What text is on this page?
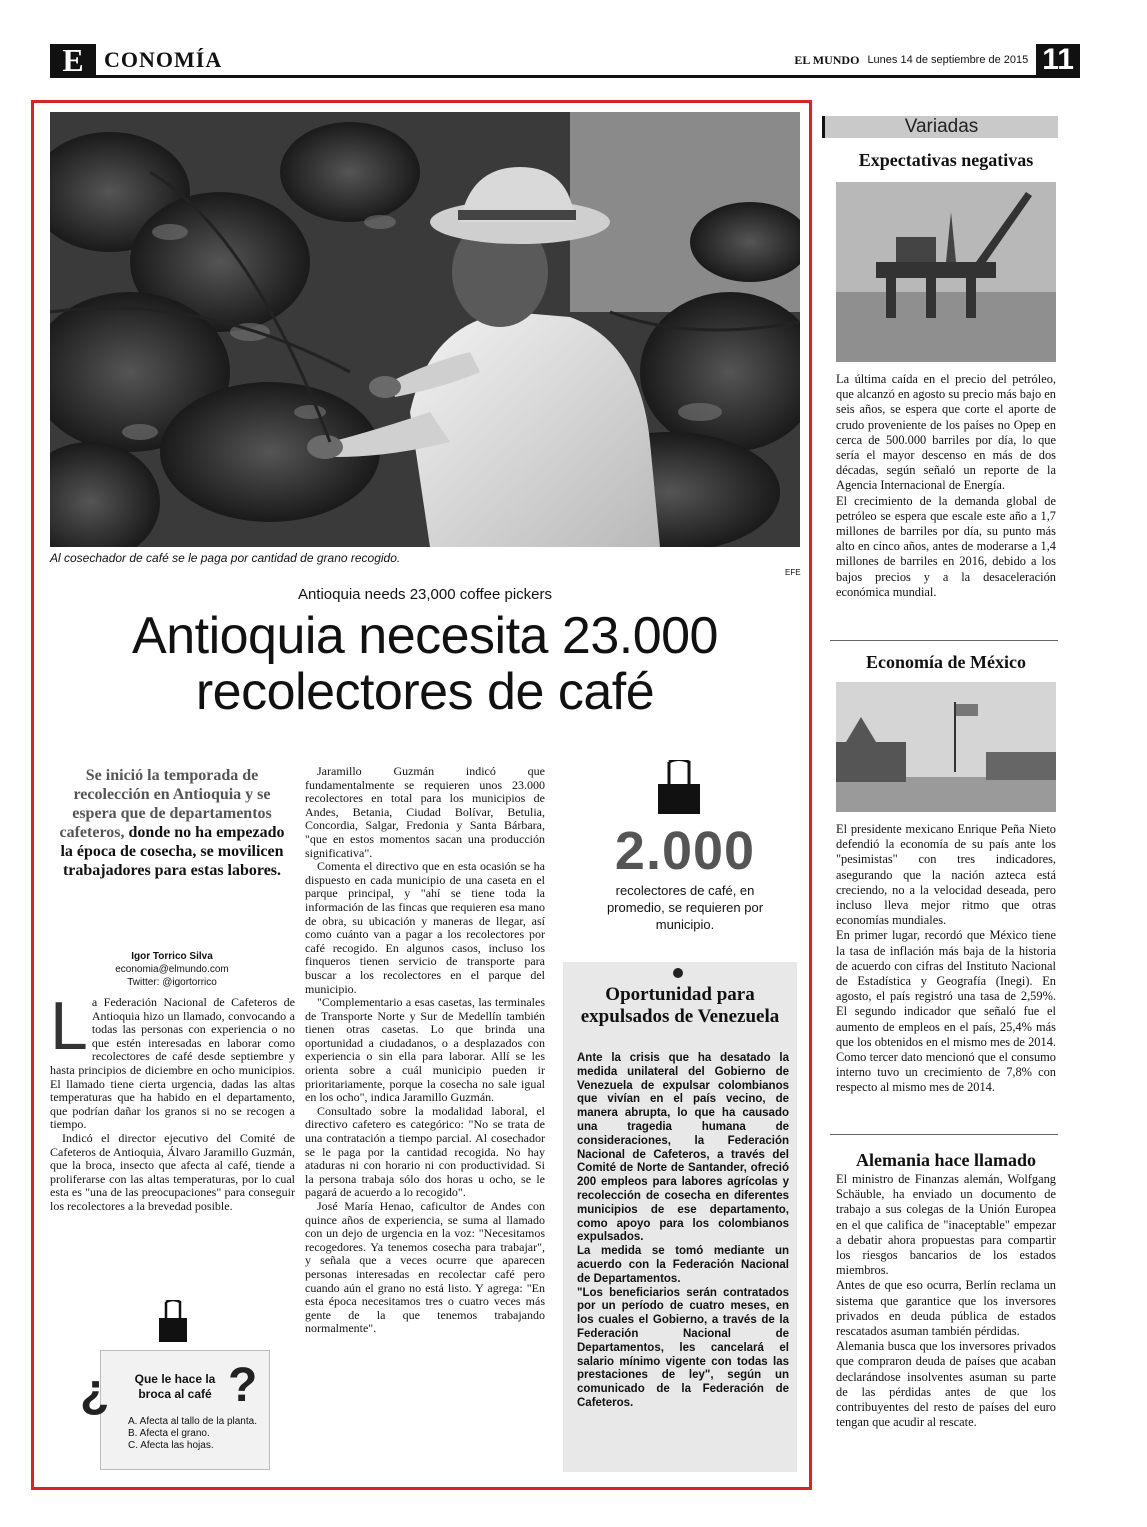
E CONOMÍA	EL MUNDO Lunes 14 de septiembre de 2015 11
Al cosechador de café se le paga por cantidad de grano recogido.
EFE
Antioquia needs 23,000 coffee pickers
Antioquia necesita 23.000
recolectores de café
Se inició la temporada de recolección en Antioquia y se espera que de departamentos cafeteros, donde no ha empezado la época de cosecha, se movilicen trabajadores para estas labores.
Igor Torrico Silva
economia@elmundo.com
Twitter: @igortorrico

La Federación Nacional de Cafeteros de Antioquia hizo un llamado, convocando a todas las personas con experiencia o no que estén interesadas en laborar como recolectores de café desde septiembre y hasta principios de diciembre en ocho municipios. El llamado tiene cierta urgencia, dadas las altas temperaturas que ha habido en el departamento, que podrían dañar los granos si no se recogen a tiempo.

Indicó el director ejecutivo del Comité de Cafeteros de Antioquia, Álvaro Jaramillo Guzmán, que la broca, insecto que afecta al café, tiende a proliferarse con las altas temperaturas, por lo cual esta es "una de las preocupaciones" para conseguir los recolectores a la brevedad posible.

Jaramillo Guzmán indicó que fundamentalmente se requieren unos 23.000 recolectores en total para los municipios de Andes, Betania, Ciudad Bolívar, Betulia, Concordia, Salgar, Fredonia y Santa Bárbara, "que en estos momentos sacan una producción significativa".

Comenta el directivo que en esta ocasión se ha dispuesto en cada municipio de una caseta en el parque principal, y "ahí se tiene toda la información de las fincas que requieren esa mano de obra, su ubicación y maneras de llegar, así como cuánto van a pagar a los recolectores por café recogido. En algunos casos, incluso los finqueros tienen servicio de transporte para buscar a los recolectores en el parque del municipio.

"Complementario a esas casetas, las terminales de Transporte Norte y Sur de Medellín también tienen otras casetas. Lo que brinda una oportunidad a ciudadanos, o a desplazados con experiencia o sin ella para laborar. Allí se les orienta sobre a cuál municipio pueden ir prioritariamente, porque la cosecha no sale igual en los ocho", indica Jaramillo Guzmán.

Consultado sobre la modalidad laboral, el directivo cafetero es categórico: "No se trata de una contratación a tiempo parcial. Al cosechador se le paga por la cantidad recogida. No hay ataduras ni con horario ni con productividad. Si la persona trabaja sólo dos horas u ocho, se le pagará de acuerdo a lo recogido".

José María Henao, caficultor de Andes con quince años de experiencia, se suma al llamado con un dejo de urgencia en la voz: "Necesitamos recogedores. Ya tenemos cosecha para trabajar", y señala que a veces ocurre que aparecen personas interesadas en recolectar café pero cuando aún el grano no está listo. Y agrega: "En esta época necesitamos tres o cuatro veces más gente de la que tenemos trabajando normalmente".

¿ ?
Que le hace la broca al café
A. Afecta al tallo de la planta.
B. Afecta el grano.
C. Afecta las hojas.
2.000
recolectores de café, en promedio, se requieren por municipio.
Oportunidad para expulsados de Venezuela

Ante la crisis que ha desatado la medida unilateral del Gobierno de Venezuela de expulsar colombianos que vivían en el país vecino, de manera abrupta, lo que ha causado una tragedia humana de consideraciones, la Federación Nacional de Cafeteros, a través del Comité de Norte de Santander, ofreció 200 empleos para labores agrícolas y recolección de cosecha en diferentes municipios de ese departamento, como apoyo para los colombianos expulsados.

La medida se tomó mediante un acuerdo con la Federación Nacional de Departamentos.

"Los beneficiarios serán contratados por un período de cuatro meses, en los cuales el Gobierno, a través de la Federación Nacional de Departamentos, les cancelará el salario mínimo vigente con todas las prestaciones de ley", según un comunicado de la Federación de Cafeteros.

Variadas
Expectativas negativas

La última caída en el precio del petróleo, que alcanzó en agosto su precio más bajo en seis años, se espera que corte el aporte de crudo proveniente de los países no Opep en cerca de 500.000 barriles por día, lo que sería el mayor descenso en más de dos décadas, según señaló un reporte de la Agencia Internacional de Energía.

El crecimiento de la demanda global de petróleo se espera que escale este año a 1,7 millones de barriles por día, su punto más alto en cinco años, antes de moderarse a 1,4 millones de barriles en 2016, debido a los bajos precios y a la desaceleración económica mundial.

Economía de México

El presidente mexicano Enrique Peña Nieto defendió la economía de su país ante los "pesimistas" con tres indicadores, asegurando que la nación azteca está creciendo, no a la velocidad deseada, pero incluso lleva mejor ritmo que otras economías mundiales.

En primer lugar, recordó que México tiene la tasa de inflación más baja de la historia de acuerdo con cifras del Instituto Nacional de Estadística y Geografía (Inegi). En agosto, el país registró una tasa de 2,59%. El segundo indicador que señaló fue el aumento de empleos en el país, 25,4% más que los obtenidos en el mismo mes de 2014. Como tercer dato mencionó que el consumo interno tuvo un crecimiento de 7,8% con respecto al mismo mes de 2014.

Alemania hace llamado

El ministro de Finanzas alemán, Wolfgang Schäuble, ha enviado un documento de trabajo a sus colegas de la Unión Europea en el que califica de "inaceptable" empezar a debatir ahora propuestas para compartir los riesgos bancarios de los estados miembros.

Antes de que eso ocurra, Berlín reclama un sistema que garantice que los inversores privados en deuda pública de estados rescatados asuman también pérdidas.

Alemania busca que los inversores privados que compraron deuda de países que acaban declarándose insolventes asuman su parte de las pérdidas antes de que los contribuyentes del resto de países del euro tengan que acudir al rescate.
